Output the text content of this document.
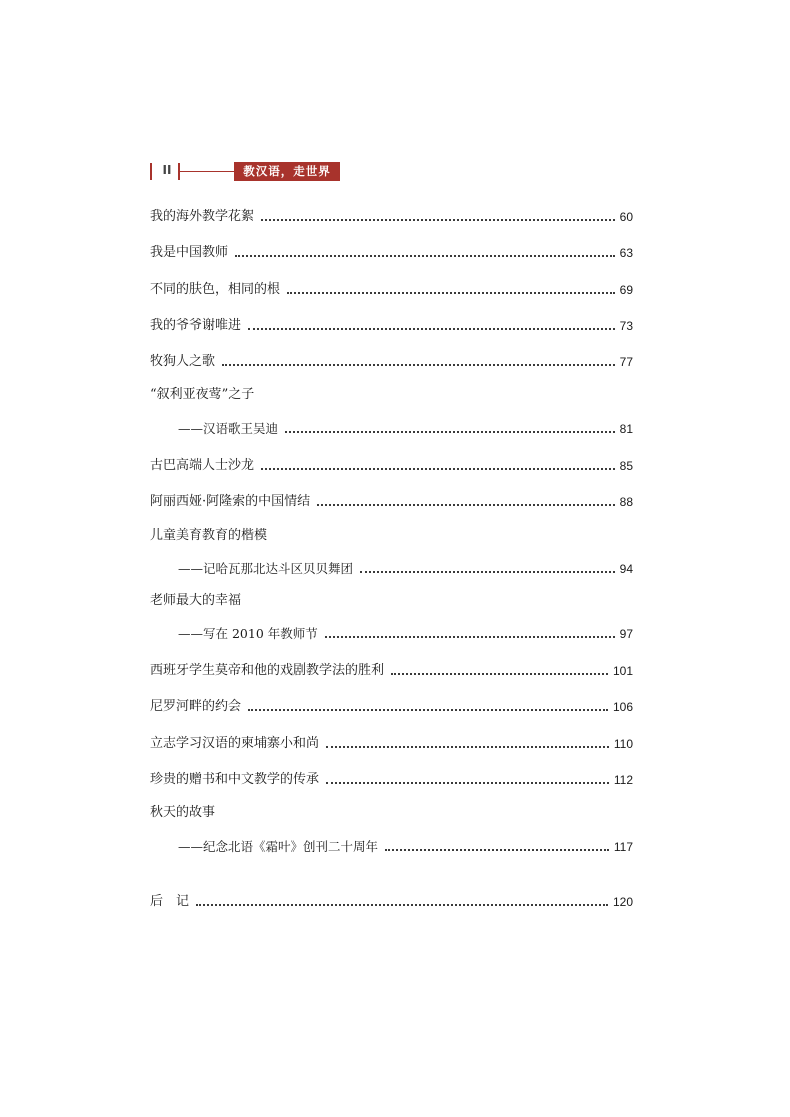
II	教汉语，走世界
我的海外教学花絮	60
我是中国教师	63
不同的肤色，相同的根	69
我的爷爷谢唯进	73
牧狗人之歌	77
“叙利亚夜莺”之子
——汉语歌王吴迪	81
古巴高端人士沙龙	85
阿丽西娅·阿隆索的中国情结	88
儿童美育教育的楷模
——记哈瓦那北达斗区贝贝舞团	94
老师最大的幸福
——写在 2010 年教师节	97
西班牙学生莫帝和他的戏剧教学法的胜利	101
尼罗河畔的约会	106
立志学习汉语的柬埔寨小和尚	110
珍贵的赠书和中文教学的传承	112
秋天的故事
——纪念北语《霜叶》创刊二十周年	117
后　记	120
